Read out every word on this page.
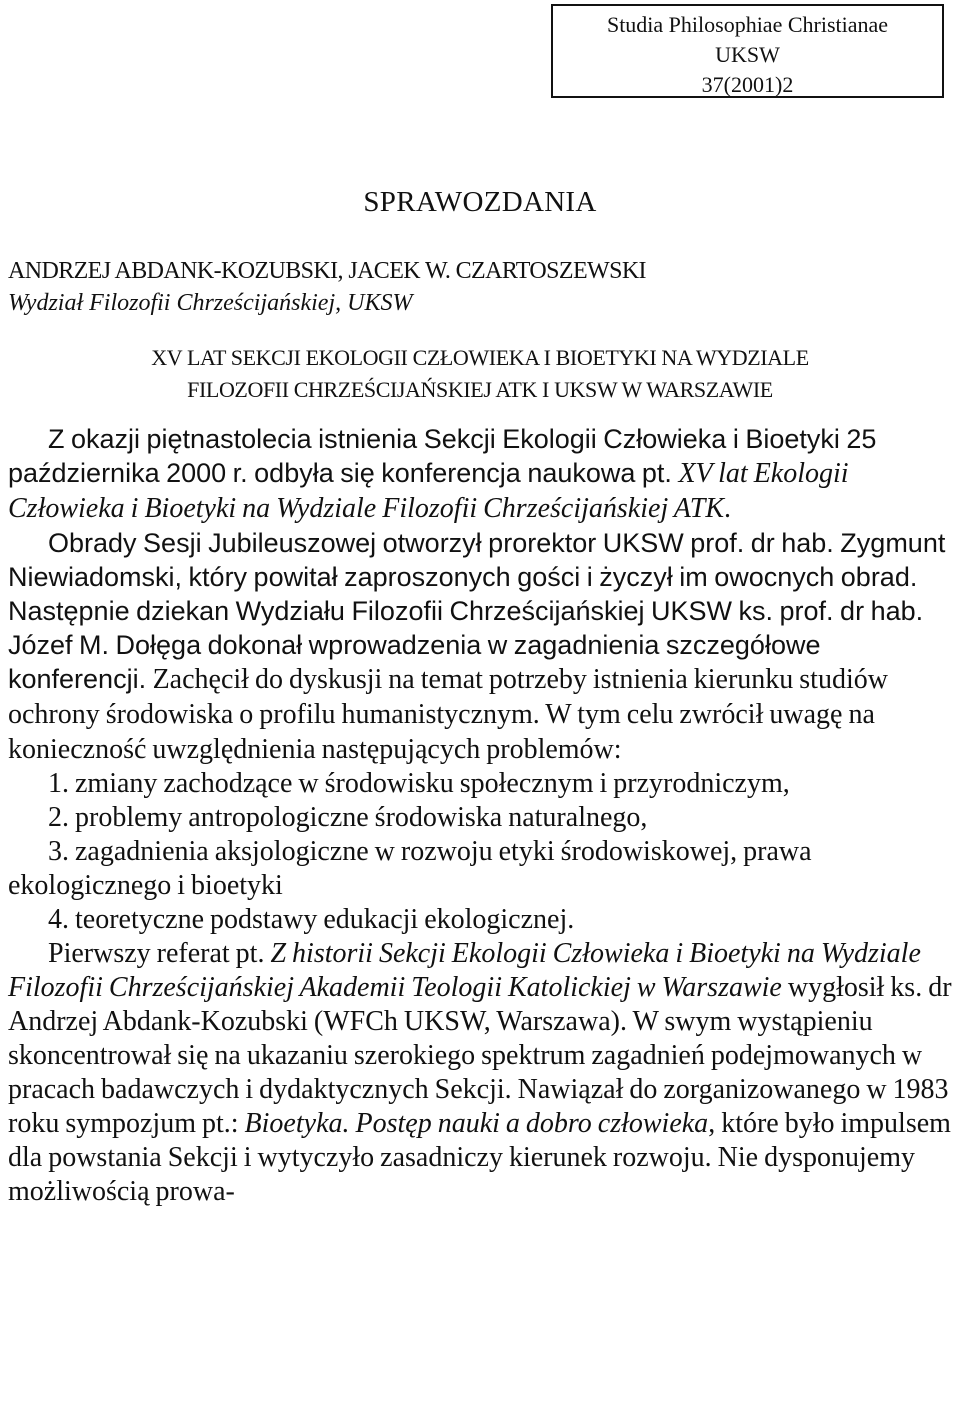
Studia Philosophiae Christianae
UKSW
37(2001)2
SPRAWOZDANIA
ANDRZEJ ABDANK-KOZUBSKI, JACEK W. CZARTOSZEWSKI
Wydział Filozofii Chrześcijańskiej, UKSW
XV LAT SEKCJI EKOLOGII CZŁOWIEKA I BIOETYKI NA WYDZIALE
FILOZOFII CHRZEŚCIJAŃSKIEJ ATK I UKSW W WARSZAWIE

Z okazji piętnastolecia istnienia Sekcji Ekologii Człowieka i Bioetyki 25 października 2000 r. odbyła się konferencja naukowa pt. XV lat Ekologii Człowieka i Bioetyki na Wydziale Filozofii Chrześcijańskiej ATK.

Obrady Sesji Jubileuszowej otworzył prorektor UKSW prof. dr hab. Zygmunt Niewiadomski, który powitał zaproszonych gości i życzył im owocnych obrad. Następnie dziekan Wydziału Filozofii Chrześcijańskiej UKSW ks. prof. dr hab. Józef M. Dołęga dokonał wprowadzenia w zagadnienia szczegółowe konferencji. Zachęcił do dyskusji na temat potrzeby istnienia kierunku studiów ochrony środowiska o profilu humanistycznym. W tym celu zwrócił uwagę na konieczność uwzględnienia następujących problemów:

1. zmiany zachodzące w środowisku społecznym i przyrodniczym,

2. problemy antropologiczne środowiska naturalnego,

3. zagadnienia aksjologiczne w rozwoju etyki środowiskowej, prawa ekologicznego i bioetyki

4. teoretyczne podstawy edukacji ekologicznej.

Pierwszy referat pt. Z historii Sekcji Ekologii Człowieka i Bioetyki na Wydziale Filozofii Chrześcijańskiej Akademii Teologii Katolickiej w Warszawie wygłosił ks. dr Andrzej Abdank-Kozubski (WFCh UKSW, Warszawa). W swym wystąpieniu skoncentrował się na ukazaniu szerokiego spektrum zagadnień podejmowanych w pracach badawczych i dydaktycznych Sekcji. Nawiązał do zorganizowanego w 1983 roku sympozjum pt.: Bioetyka. Postęp nauki a dobro człowieka, które było impulsem dla powstania Sekcji i wytyczyło zasadniczy kierunek rozwoju. Nie dysponujemy możliwością prowa-
